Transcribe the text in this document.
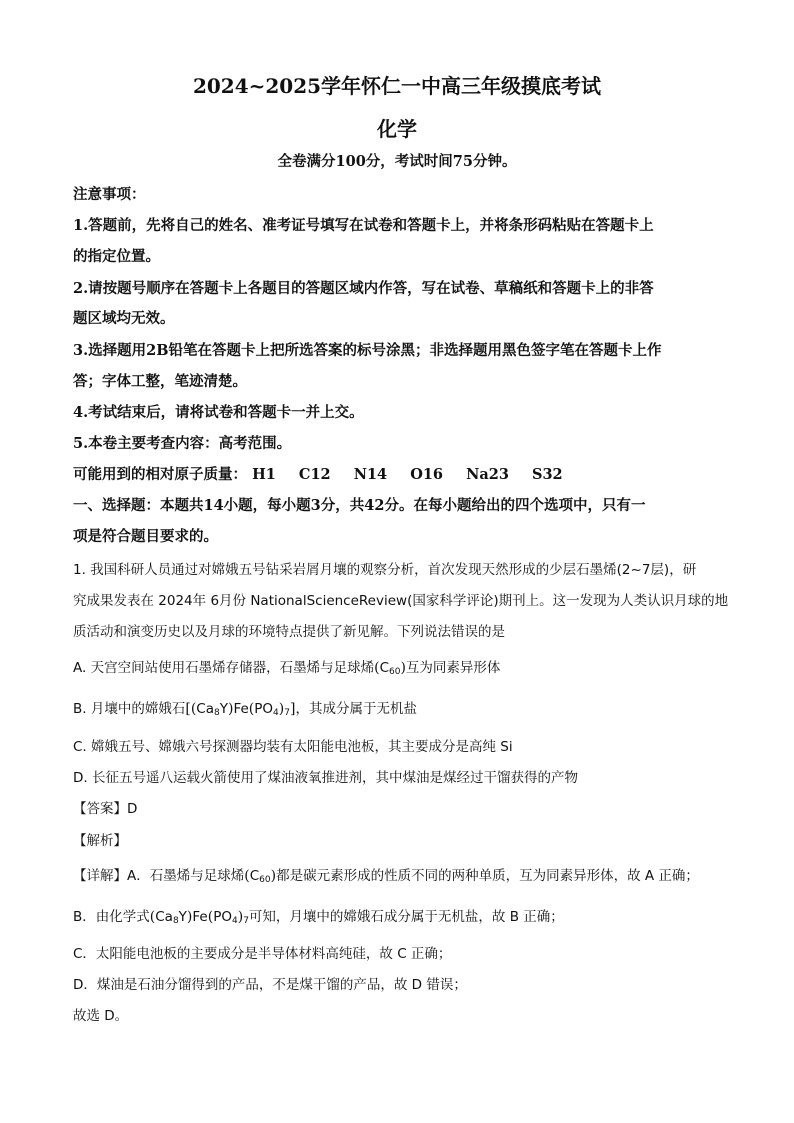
2024~2025学年怀仁一中高三年级摸底考试
化学
全卷满分100分，考试时间75分钟。
注意事项：
1.答题前，先将自己的姓名、准考证号填写在试卷和答题卡上，并将条形码粘贴在答题卡上
的指定位置。
2.请按题号顺序在答题卡上各题目的答题区域内作答，写在试卷、草稿纸和答题卡上的非答
题区域均无效。
3.选择题用2B铅笔在答题卡上把所选答案的标号涂黑；非选择题用黑色签字笔在答题卡上作
答；字体工整，笔迹清楚。
4.考试结束后，请将试卷和答题卡一并上交。
5.本卷主要考查内容：高考范围。
可能用到的相对原子质量： H1 C12 N14 O16 Na23 S32
一、选择题：本题共14小题，每小题3分，共42分。在每小题给出的四个选项中，只有一
项是符合题目要求的。
1. 我国科研人员通过对嫦娥五号钻采岩屑月壤的观察分析，首次发现天然形成的少层石墨烯(2~7层)，研
究成果发表在 2024年 6月份 NationalScienceReview(国家科学评论)期刊上。这一发现为人类认识月球的地
质活动和演变历史以及月球的环境特点提供了新见解。下列说法错误的是
A. 天宫空间站使用石墨烯存储器，石墨烯与足球烯$(C_{60})$互为同素异形体
B. 月壤中的嫦娥石$[(Ca_8Y)Fe(PO_4)_7]$，其成分属于无机盐
C. 嫦娥五号、嫦娥六号探测器均装有太阳能电池板，其主要成分是高纯 Si
D. 长征五号遥八运载火箭使用了煤油液氧推进剂，其中煤油是煤经过干馏获得的产物
【答案】D
【解析】
【详解】A．石墨烯与足球烯$(C_{60})$都是碳元素形成的性质不同的两种单质，互为同素异形体，故 A 正确；
B．由化学式$(Ca_8Y)Fe(PO_4)_7$可知，月壤中的嫦娥石成分属于无机盐，故 B 正确；
C．太阳能电池板的主要成分是半导体材料高纯硅，故 C 正确；
D．煤油是石油分馏得到的产品，不是煤干馏的产品，故 D 错误；
故选 D。
